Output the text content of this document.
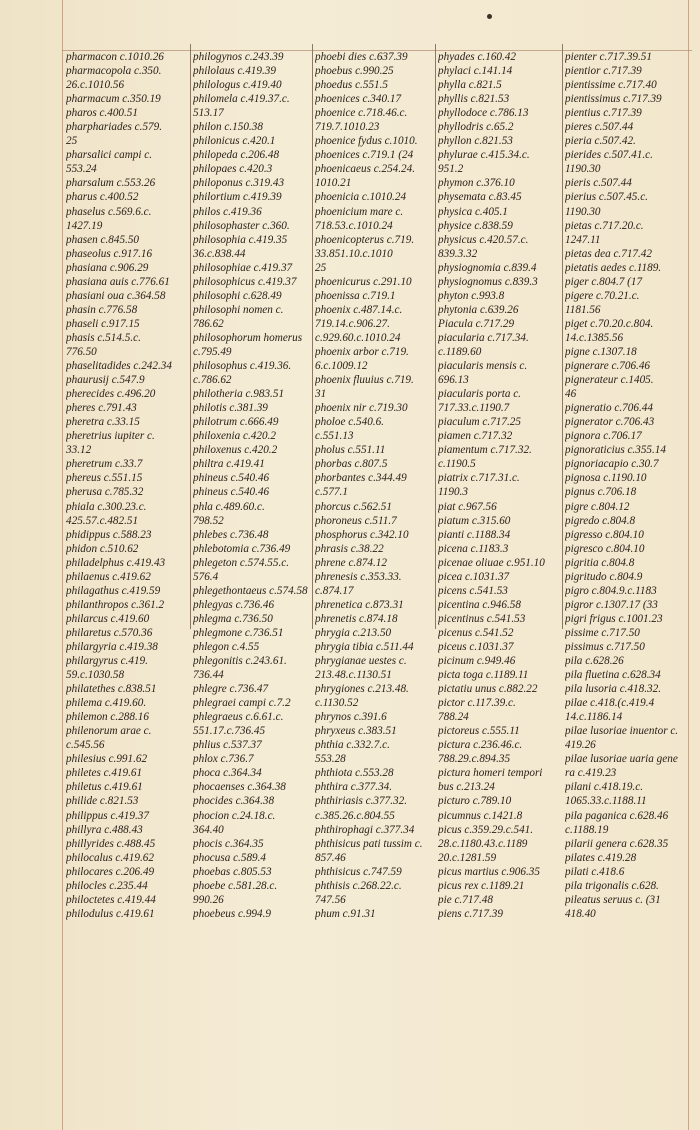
pharmacon c.1010.26
pharmacopola c.350.
26.c.1010.56
pharmacum c.350.19
pharos c.400.51
pharphariades c.579.
25
pharsalici campi c.
553.24
pharsalum c.553.26
pharus c.400.52
phaselus c.569.6.c.
1427.19
phasen c.845.50
phaseolus c.917.16
phasiana c.906.29
phasiana auis c.776.61
phasiani oua c.364.58
phasin c.776.58
phaseli c.917.15
phasis c.514.5.c.
776.50
phaselitadides c.242.34
phaurusij c.547.9
pherecides c.496.20
pheres c.791.43
pheretra c.33.15
pheretrius iupiter c.
33.12
pheretrum c.33.7
phereus c.551.15
pherusa c.785.32
phiala c.300.23.c.
425.57.c.482.51
phidippus c.588.23
phidon c.510.62
philadelphus c.419.43
philaenus c.419.62
philagathus c.419.59
philanthropos c.361.2
philarcus c.419.60
philaretus c.570.36
philargyria c.419.38
philargyrus c.419.
59.c.1030.58
philatethes c.838.51
philema c.419.60.
philemon c.288.16
philenorum arae c.
c.545.56
philesius c.991.62
philetes c.419.61
philetus c.419.61
philide c.821.53
philippus c.419.37
phillyra c.488.43
phillyrides c.488.45
philocalus c.419.62
philocares c.206.49
philocles c.235.44
philoctetes c.419.44
philodulus c.419.61
philogynos c.243.39
philolaus c.419.39
philologus c.419.40
philomela c.419.37.c.
513.17
philon c.150.38
philonicus c.420.1
philopeda c.206.48
philopaes c.420.3
philoponus c.319.43
philortium c.419.39
philos c.419.36
philosophaster c.360.
philosophia c.419.35
36.c.838.44
philosophiae c.419.37
philosophicus c.419.37
philosophi c.628.49
philosophi nomen c.
786.62
philosophorum homerus
c.795.49
philosophus c.419.36.
c.786.62
philotheria c.983.51
philotis c.381.39
philotrum c.666.49
philoxenia c.420.2
philoxenus c.420.2
philtra c.419.41
phineus c.540.46
phineus c.540.46
phla c.489.60.c.
798.52
phlebes c.736.48
phlebotomia c.736.49
phlegeton c.574.55.c.
576.4
phlegethontaeus c.574.58
phlegyas c.736.46
phlegma c.736.50
phlegmone c.736.51
phlegon c.4.55
phlegonitis c.243.61.
736.44
phlegre c.736.47
phlegraei campi c.7.2
phlegraeus c.6.61.c.
551.17.c.736.45
phlius c.537.37
phlox c.736.7
phoca c.364.34
phocaenses c.364.38
phocides c.364.38
phocion c.24.18.c.
364.40
phocis c.364.35
phocusa c.589.4
phoebas c.805.53
phoebe c.581.28.c.
990.26
phoebeus c.994.9
phoebi dies c.637.39
phoebus c.990.25
phoedus c.551.5
phoenices c.340.17
phoenice c.718.46.c.
719.7.1010.23
phoenice fydus c.1010.
phoenices c.719.1 (24
phoenicaeus c.254.24.
1010.21
phoenicia c.1010.24
phoenicium mare c.
718.53.c.1010.24
phoenicopterus c.719.
33.851.10.c.1010
25
phoenicurus c.291.10
phoenissa c.719.1
phoenix c.487.14.c.
719.14.c.906.27.
c.929.60.c.1010.24
phoenix arbor c.719.
6.c.1009.12
phoenix fluuius c.719.
31
phoenix nir c.719.30
pholoe c.540.6.
c.551.13
pholus c.551.11
phorbas c.807.5
phorbantes c.344.49
c.577.1
phorcus c.562.51
phoroneus c.511.7
phosphorus c.342.10
phrasis c.38.22
phrene c.874.12
phrenesis c.353.33.
c.874.17
phrenetica c.873.31
phrenetis c.874.18
phrygia c.213.50
phrygia tibia c.511.44
phrygianae uestes c.
213.48.c.1130.51
phrygiones c.213.48.
c.1130.52
phrynos c.391.6
phryxeus c.383.51
phthia c.332.7.c.
553.28
phthiota c.553.28
phthira c.377.34.
phthiriasis c.377.32.
c.385.26.c.804.55
phthirophagi c.377.34
phthisicus pati tussim c.
857.46
phthisicus c.747.59
phthisis c.268.22.c.
747.56
phum c.91.31
phyades c.160.42
phylaci c.141.14
phylla c.821.5
phyllis c.821.53
phyllodoce c.786.13
phyllodris c.65.2
phyllon c.821.53
phylurae c.415.34.c.
951.2
phymon c.376.10
physemata c.83.45
physica c.405.1
physice c.838.59
physicus c.420.57.c.
839.3.32
physiognomia c.839.4
physiognomus c.839.3
phyton c.993.8
phytonia c.639.26
Piacula c.717.29
piacularia c.717.34.
c.1189.60
piacularis mensis c.
696.13
piacularis porta c.
717.33.c.1190.7
piaculum c.717.25
piamen c.717.32
piamentum c.717.32.
c.1190.5
piatrix c.717.31.c.
1190.3
piat c.967.56
piatum c.315.60
pianti c.1188.34
picena c.1183.3
picenae oliuae c.951.10
picea c.1031.37
picens c.541.53
picentina c.946.58
picentinus c.541.53
picenus c.541.52
piceus c.1031.37
picinum c.949.46
picta toga c.1189.11
pictatiu unus c.882.22
pictor c.117.39.c.
788.24
pictoreus c.555.11
pictura c.236.46.c.
788.29.c.894.35
pictura homeri tempori
bus c.213.24
picturo c.789.10
picumnus c.1421.8
picus c.359.29.c.541.
28.c.1180.43.c.1189
20.c.1281.59
picus martius c.906.35
picus rex c.1189.21
pie c.717.48
piens c.717.39
pienter c.717.39.51
pientior c.717.39
pientissime c.717.40
pientissimus c.717.39
pientius c.717.39
pieres c.507.44
pieria c.507.42.
pierides c.507.41.c.
1190.30
pieris c.507.44
pierius c.507.45.c.
1190.30
pietas c.717.20.c.
1247.11
pietas dea c.717.42
pietatis aedes c.1189.
piger c.804.7 (17
pigere c.70.21.c.
1181.56
piget c.70.20.c.804.
14.c.1385.56
pigne c.1307.18
pignerare c.706.46
pignerateur c.1405.
46
pigneratio c.706.44
pignerator c.706.43
pignora c.706.17
pignoraticius c.355.14
pignoriacapio c.30.7
pignosa c.1190.10
pignus c.706.18
pigre c.804.12
pigredo c.804.8
pigresso c.804.10
pigresco c.804.10
pigritia c.804.8
pigritudo c.804.9
pigro c.804.9.c.1183
pigror c.1307.17 (33
pigri frigus c.1001.23
pissime c.717.50
pissimus c.717.50
pila c.628.26
pila fluetina c.628.34
pila lusoria c.418.32.
pilae c.418.(c.419.4
14.c.1186.14
pilae lusoriae inuentor c.
419.26
pilae lusoriae uaria gene
ra c.419.23
pilani c.418.19.c.
1065.33.c.1188.11
pila paganica c.628.46
c.1188.19
pilarii genera c.628.35
pilates c.419.28
pilati c.418.6
pila trigonalis c.628.
pileatus seruus c. (31
418.40
